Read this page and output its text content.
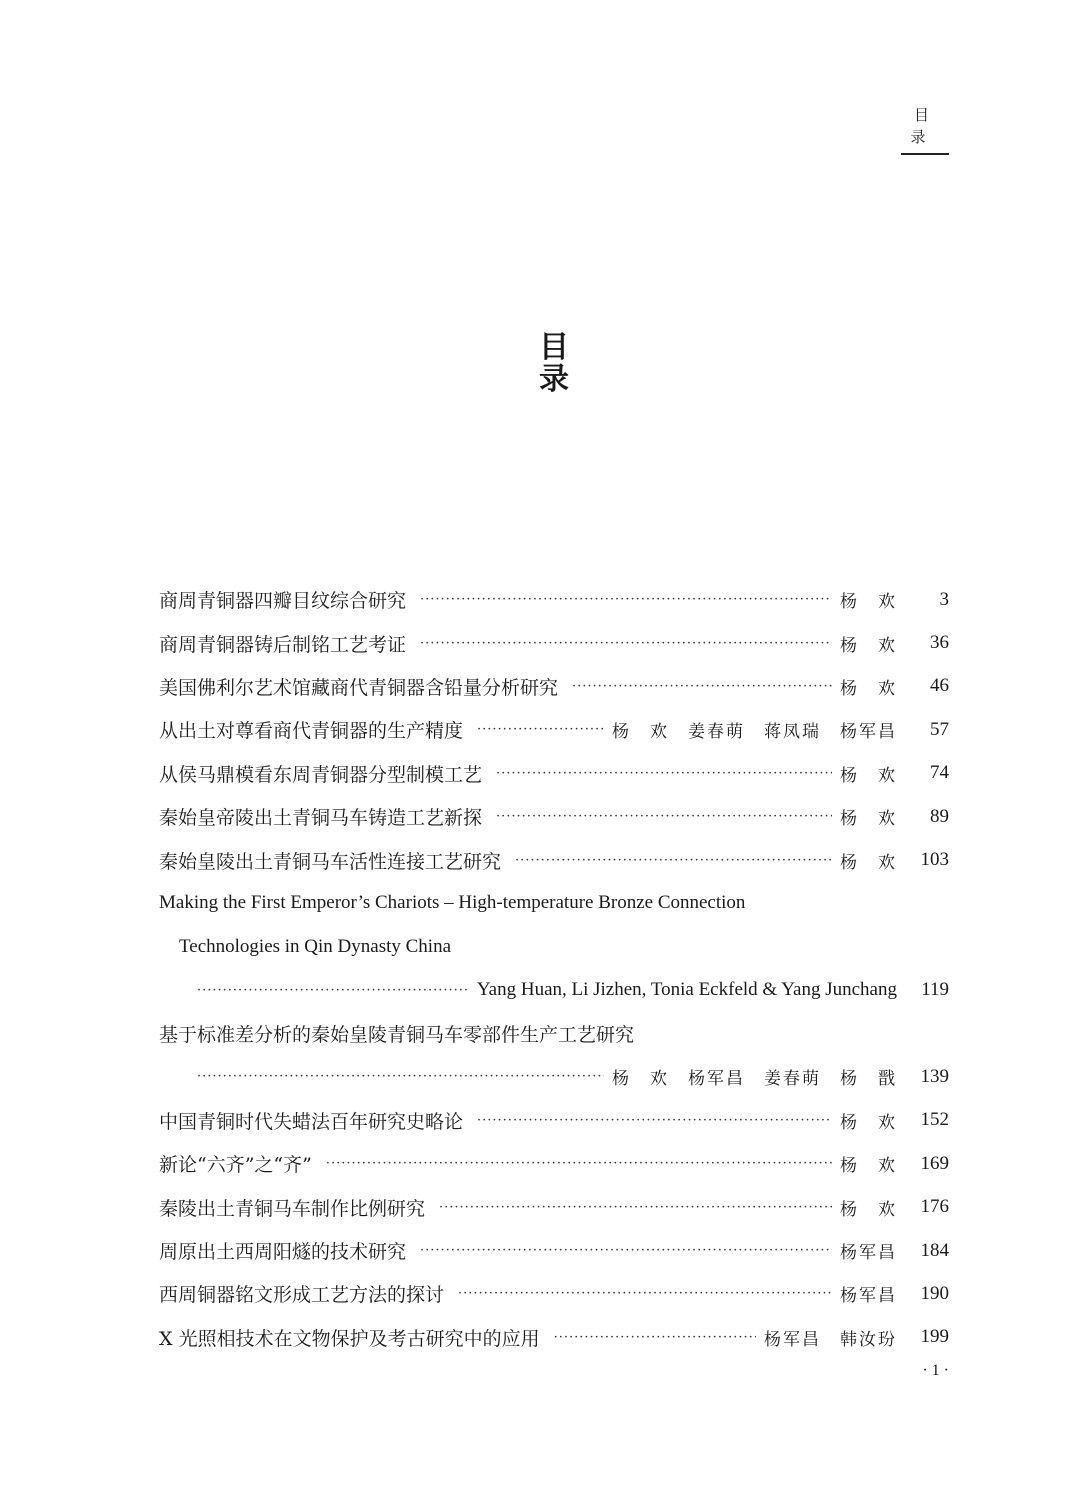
目 录
目
录
商周青铜器四瓣目纹综合研究 ·····	杨　欢	3
商周青铜器铸后制铭工艺考证 ·····	杨　欢	36
美国佛利尔艺术馆藏商代青铜器含铅量分析研究 ·····	杨　欢	46
从出土对尊看商代青铜器的生产精度 ·····	杨　欢　姜春萌　蒋凤瑞　杨军昌	57
从侯马鼎模看东周青铜器分型制模工艺 ·····	杨　欢	74
秦始皇帝陵出土青铜马车铸造工艺新探 ·····	杨　欢	89
秦始皇陵出土青铜马车活性连接工艺研究 ·····	杨　欢	103
Making the First Emperor’s Chariots – High-temperature Bronze Connection
Technologies in Qin Dynasty China
·····
Yang Huan, Li Jizhen, Tonia Eckfeld & Yang Junchang	119
基于标准差分析的秦始皇陵青铜马车零部件生产工艺研究
·····
杨　欢　杨军昌　姜春萌　杨　戬	139
中国青铜时代失蜡法百年研究史略论 ·····	杨　欢	152
新论“六齐”之“齐” ·····	杨　欢	169
秦陵出土青铜马车制作比例研究 ·····	杨　欢	176
周原出土西周阳燧的技术研究 ·····	杨军昌	184
西周铜器铭文形成工艺方法的探讨 ·····	杨军昌	190
X 光照相技术在文物保护及考古研究中的应用 ·····	杨军昌　韩汝玢	199
· 1 ·
